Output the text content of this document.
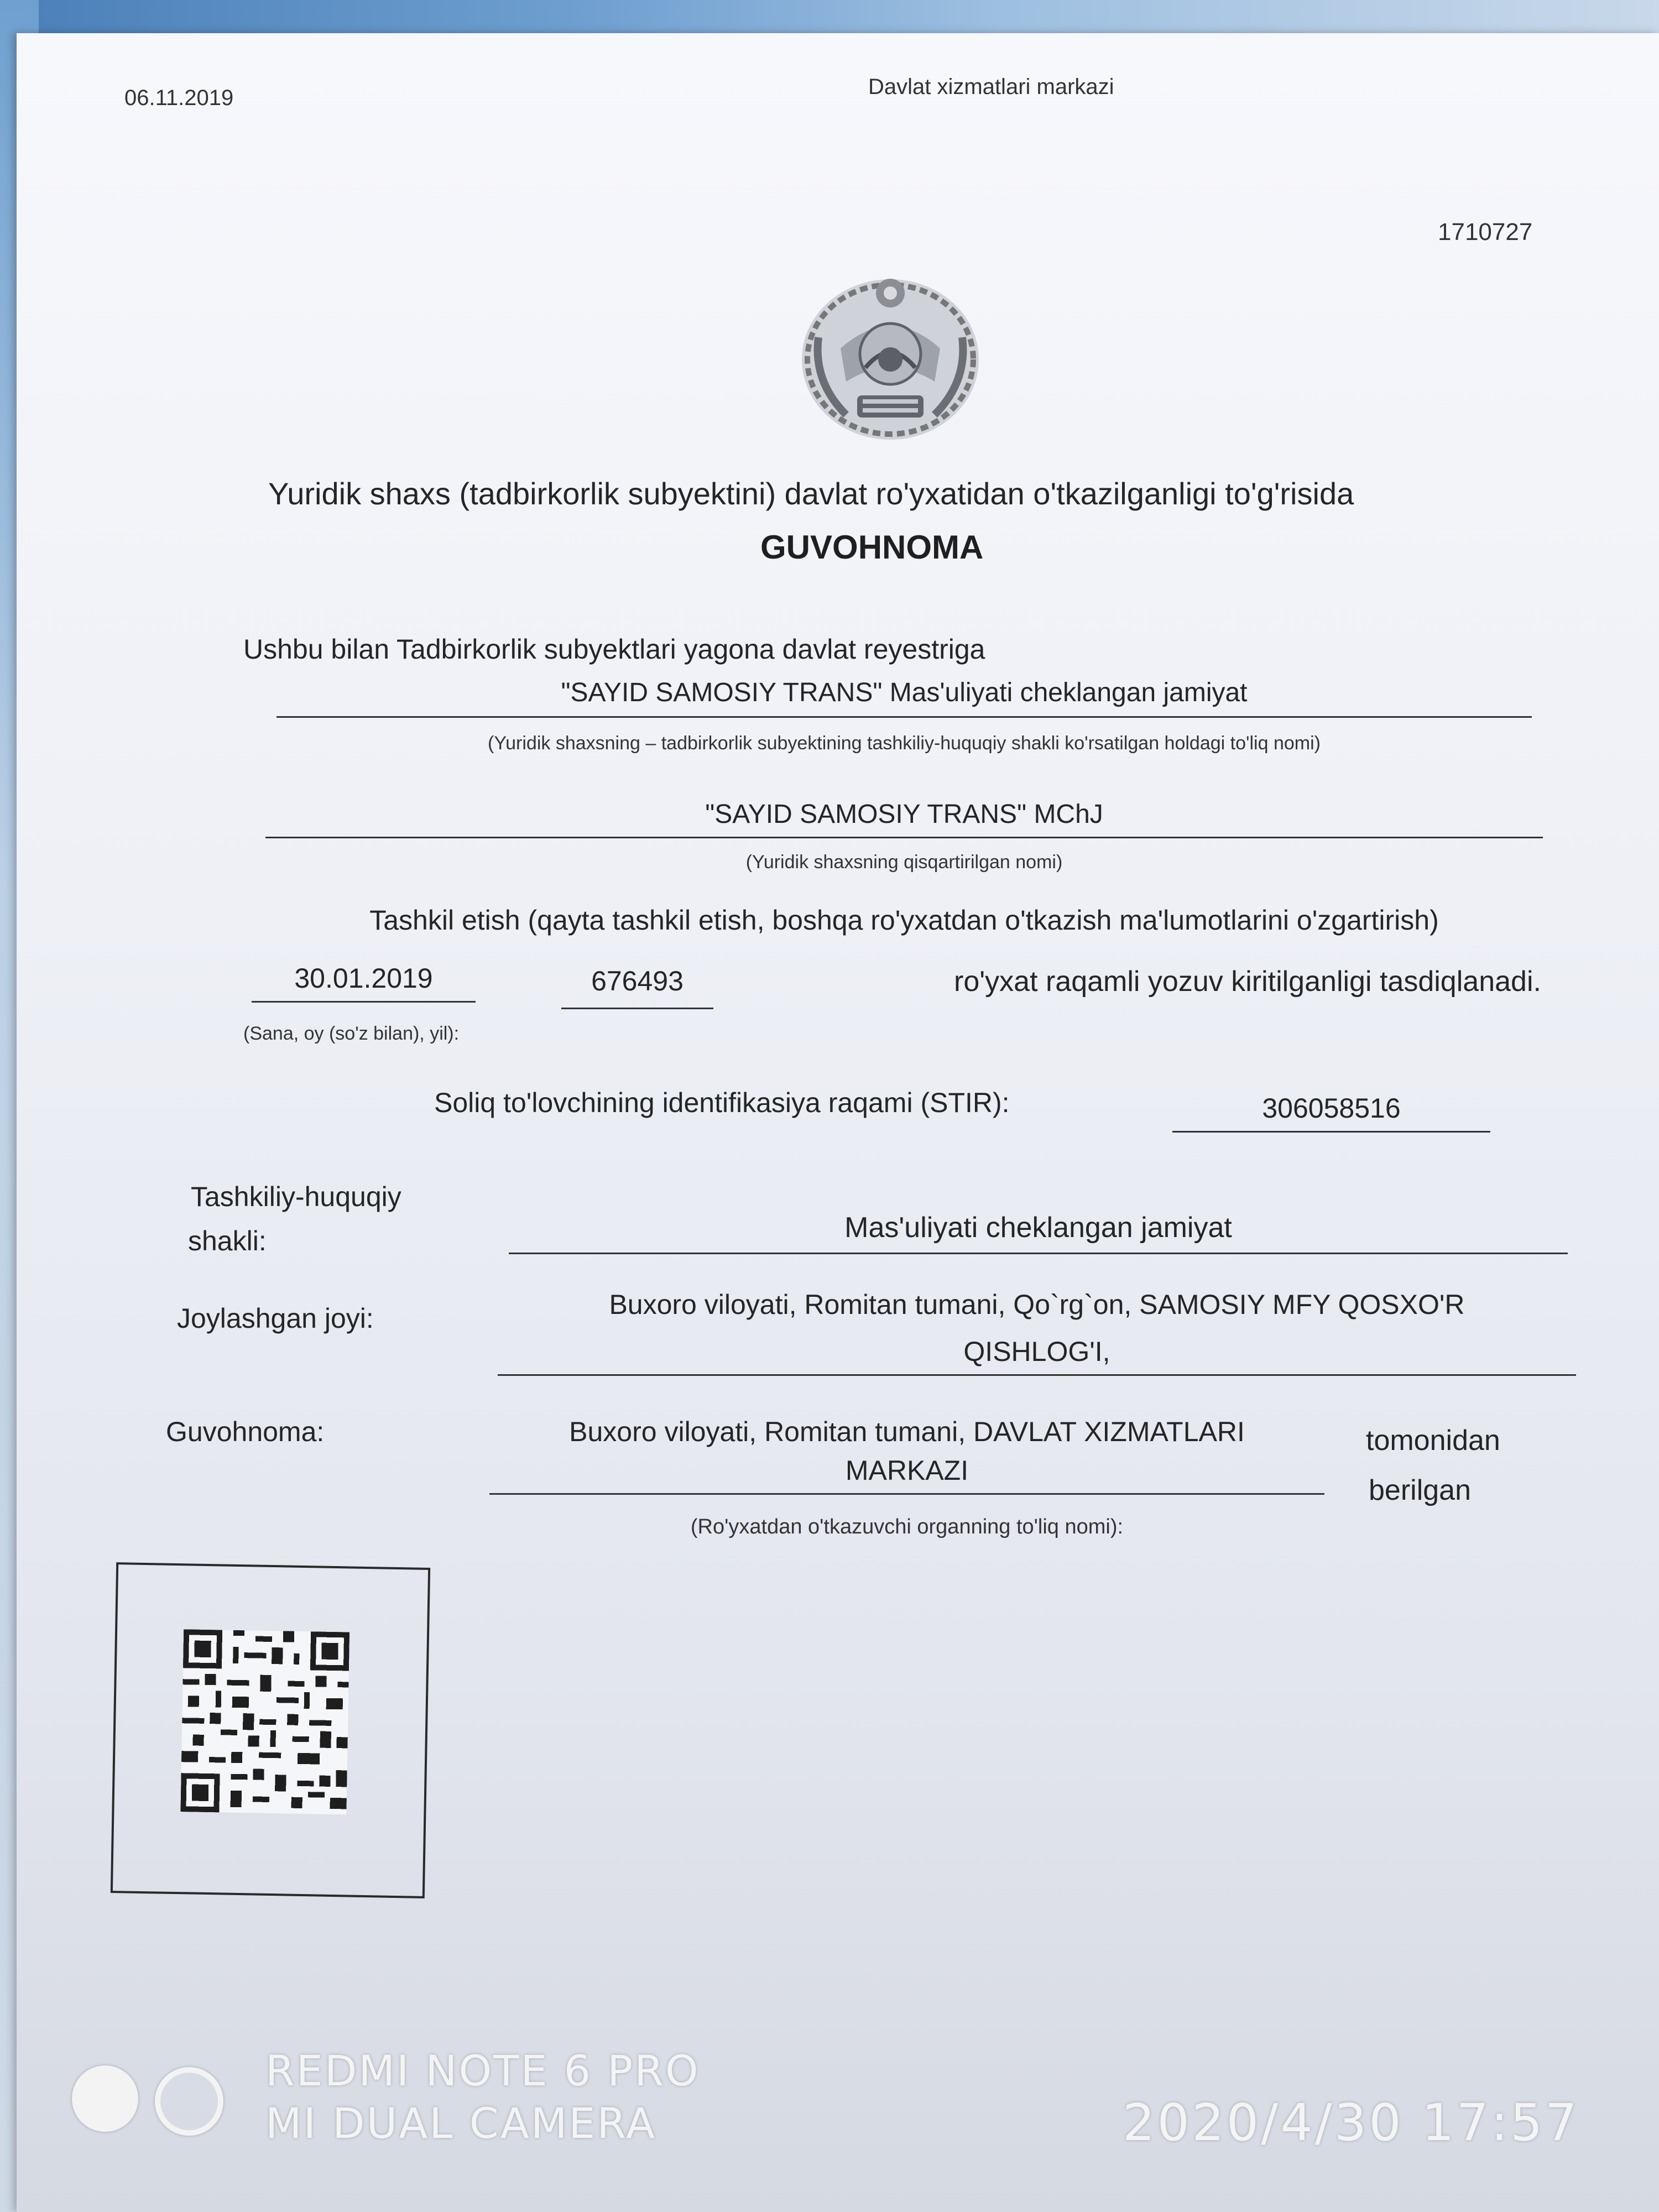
06.11.2019	Davlat xizmatlari markazi
1710727
Yuridik shaxs (tadbirkorlik subyektini) davlat ro'yxatidan o'tkazilganligi to'g'risida
GUVOHNOMA
Ushbu bilan Tadbirkorlik subyektlari yagona davlat reyestriga
"SAYID SAMOSIY TRANS" Mas'uliyati cheklangan jamiyat
(Yuridik shaxsning – tadbirkorlik subyektining tashkiliy-huquqiy shakli ko'rsatilgan holdagi to'liq nomi)
"SAYID SAMOSIY TRANS" MChJ
(Yuridik shaxsning qisqartirilgan nomi)
Tashkil etish (qayta tashkil etish, boshqa ro'yxatdan o'tkazish ma'lumotlarini o'zgartirish)
30.01.2019	676493	ro'yxat raqamli yozuv kiritilganligi tasdiqlanadi.
(Sana, oy (so'z bilan), yil):
Soliq to'lovchining identifikasiya raqami (STIR):	306058516
Tashkiliy-huquqiy
shakli:	Mas'uliyati cheklangan jamiyat
Joylashgan joyi:	Buxoro viloyati, Romitan tumani, Qo`rg`on, SAMOSIY MFY QOSXO'R
QISHLOG'I,
Guvohnoma:	Buxoro viloyati, Romitan tumani, DAVLAT XIZMATLARI
MARKAZI
tomonidan
berilgan
(Ro'yxatdan o'tkazuvchi organning to'liq nomi):
REDMI NOTE 6 PRO
MI DUAL CAMERA	2020/4/30 17:57
